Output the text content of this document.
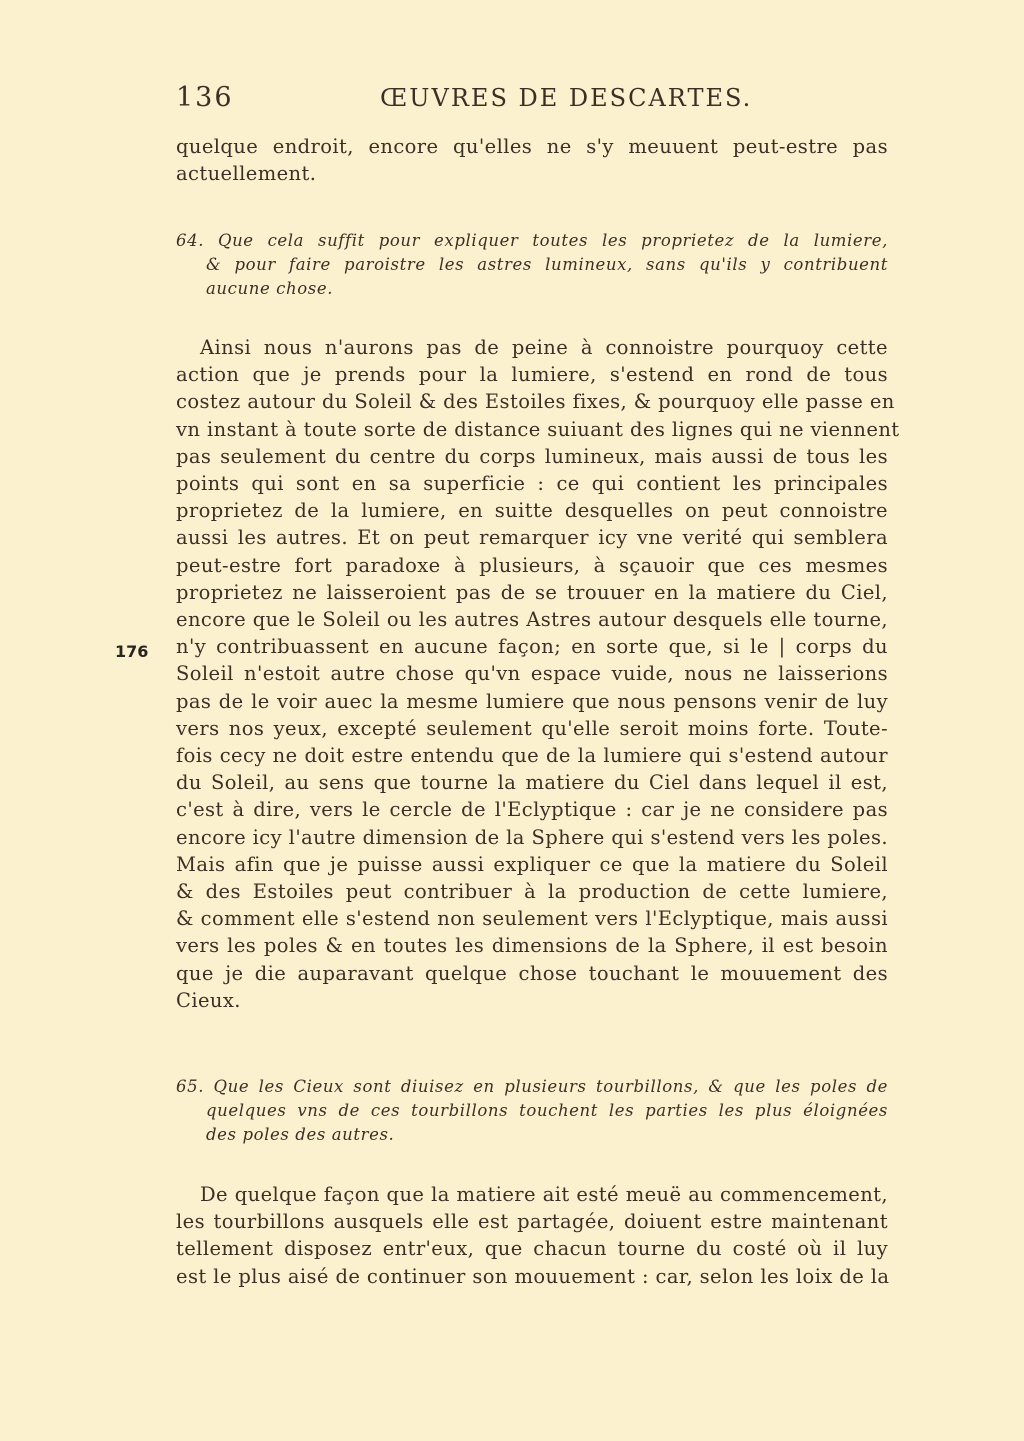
136	ŒUVRES DE DESCARTES.
quelque endroit, encore qu'elles ne s'y meuuent peut-estre pas
actuellement.
64. Que cela suffit pour expliquer toutes les proprietez de la lumiere,
& pour faire paroistre les astres lumineux, sans qu'ils y contribuent
aucune chose.
176
Ainsi nous n'aurons pas de peine à connoistre pourquoy cette
action que je prends pour la lumiere, s'estend en rond de tous
costez autour du Soleil & des Estoiles fixes, & pourquoy elle passe en
vn instant à toute sorte de distance suiuant des lignes qui ne viennent
pas seulement du centre du corps lumineux, mais aussi de tous les
points qui sont en sa superficie : ce qui contient les principales
proprietez de la lumiere, en suitte desquelles on peut connoistre
aussi les autres. Et on peut remarquer icy vne verité qui semblera
peut-estre fort paradoxe à plusieurs, à sçauoir que ces mesmes
proprietez ne laisseroient pas de se trouuer en la matiere du Ciel,
encore que le Soleil ou les autres Astres autour desquels elle tourne,
n'y contribuassent en aucune façon; en sorte que, si le | corps du
Soleil n'estoit autre chose qu'vn espace vuide, nous ne laisserions
pas de le voir auec la mesme lumiere que nous pensons venir de luy
vers nos yeux, excepté seulement qu'elle seroit moins forte. Toute-
fois cecy ne doit estre entendu que de la lumiere qui s'estend autour
du Soleil, au sens que tourne la matiere du Ciel dans lequel il est,
c'est à dire, vers le cercle de l'Eclyptique : car je ne considere pas
encore icy l'autre dimension de la Sphere qui s'estend vers les poles.
Mais afin que je puisse aussi expliquer ce que la matiere du Soleil
& des Estoiles peut contribuer à la production de cette lumiere,
& comment elle s'estend non seulement vers l'Eclyptique, mais aussi
vers les poles & en toutes les dimensions de la Sphere, il est besoin
que je die auparavant quelque chose touchant le mouuement des
Cieux.
65. Que les Cieux sont diuisez en plusieurs tourbillons, & que les poles de
quelques vns de ces tourbillons touchent les parties les plus éloignées
des poles des autres.
De quelque façon que la matiere ait esté meuë au commencement,
les tourbillons ausquels elle est partagée, doiuent estre maintenant
tellement disposez entr'eux, que chacun tourne du costé où il luy
est le plus aisé de continuer son mouuement : car, selon les loix de la
